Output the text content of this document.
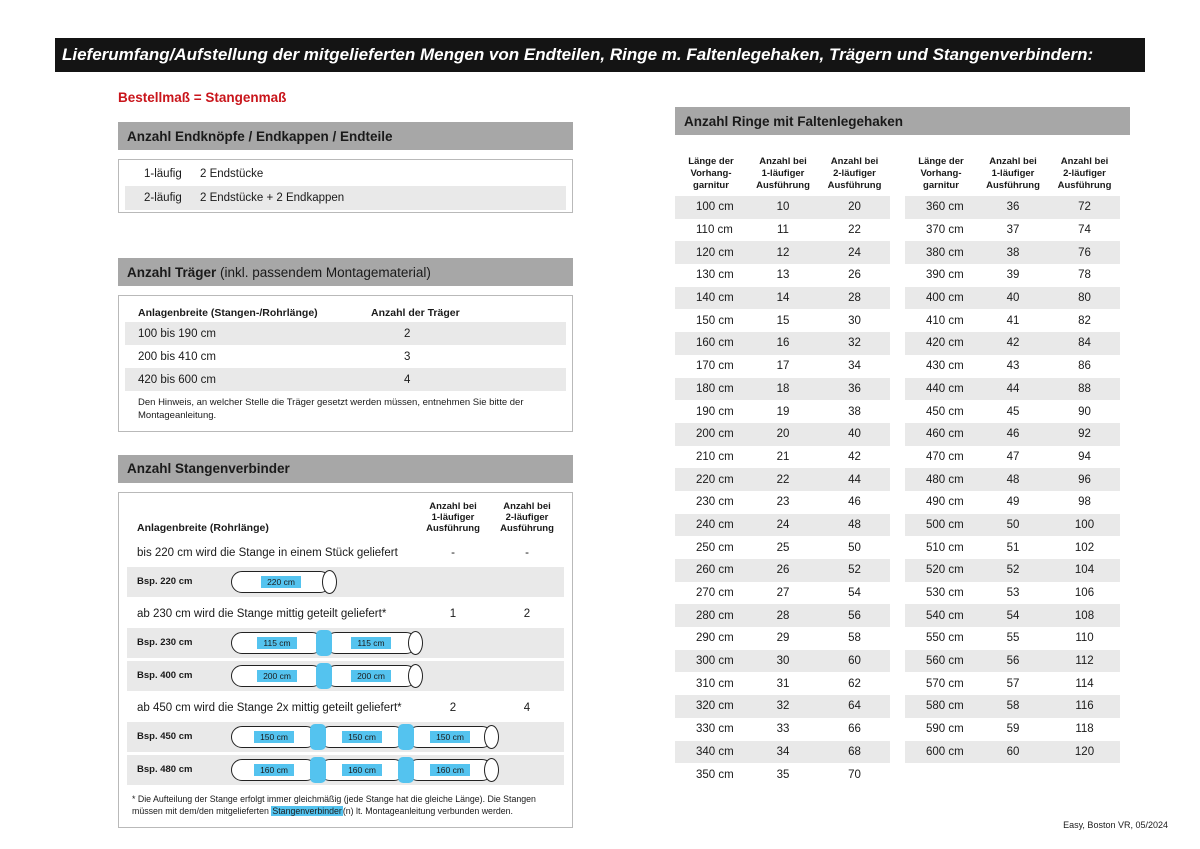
Lieferumfang/Aufstellung der mitgelieferten Mengen von Endteilen, Ringe m. Faltenlegehaken, Trägern und Stangenverbindern:
Bestellmaß = Stangenmaß
Anzahl Endknöpfe / Endkappen / Endteile
1-läufig	2 Endstücke
2-läufig	2 Endstücke + 2 Endkappen
Anzahl Träger (inkl. passendem Montagematerial)
Anlagenbreite (Stangen-/Rohrlänge)	Anzahl der Träger
100 bis 190 cm	2
200 bis 410 cm	3
420 bis 600 cm	4
Den Hinweis, an welcher Stelle die Träger gesetzt werden müssen, entnehmen Sie bitte der Montageanleitung.
Anzahl Stangenverbinder
Anlagenbreite (Rohrlänge)
Anzahl bei
1-läufiger
Ausführung
Anzahl bei
2-läufiger
Ausführung
bis 220 cm wird die Stange in einem Stück geliefert	-	-
Bsp. 220 cm	220 cm
ab 230 cm wird die Stange mittig geteilt geliefert*	1	2
Bsp. 230 cm	115 cm	115 cm
Bsp. 400 cm	200 cm	200 cm
ab 450 cm wird die Stange 2x mittig geteilt geliefert*	2	4
Bsp. 450 cm	150 cm	150 cm	150 cm
Bsp. 480 cm	160 cm	160 cm	160 cm
* Die Aufteilung der Stange erfolgt immer gleichmäßig (jede Stange hat die gleiche Länge). Die Stangen müssen mit dem/den mitgelieferten Stangenverbinder(n) lt. Montageanleitung verbunden werden.
Anzahl Ringe mit Faltenlegehaken
Länge der
Vorhang-
garnitur
Anzahl bei
1-läufiger
Ausführung
Anzahl bei
2-läufiger
Ausführung
100 cm	10	20
110 cm	11	22
120 cm	12	24
130 cm	13	26
140 cm	14	28
150 cm	15	30
160 cm	16	32
170 cm	17	34
180 cm	18	36
190 cm	19	38
200 cm	20	40
210 cm	21	42
220 cm	22	44
230 cm	23	46
240 cm	24	48
250 cm	25	50
260 cm	26	52
270 cm	27	54
280 cm	28	56
290 cm	29	58
300 cm	30	60
310 cm	31	62
320 cm	32	64
330 cm	33	66
340 cm	34	68
350 cm	35	70
Länge der
Vorhang-
garnitur
Anzahl bei
1-läufiger
Ausführung
Anzahl bei
2-läufiger
Ausführung
360 cm	36	72
370 cm	37	74
380 cm	38	76
390 cm	39	78
400 cm	40	80
410 cm	41	82
420 cm	42	84
430 cm	43	86
440 cm	44	88
450 cm	45	90
460 cm	46	92
470 cm	47	94
480 cm	48	96
490 cm	49	98
500 cm	50	100
510 cm	51	102
520 cm	52	104
530 cm	53	106
540 cm	54	108
550 cm	55	110
560 cm	56	112
570 cm	57	114
580 cm	58	116
590 cm	59	118
600 cm	60	120
Easy, Boston VR, 05/2024
